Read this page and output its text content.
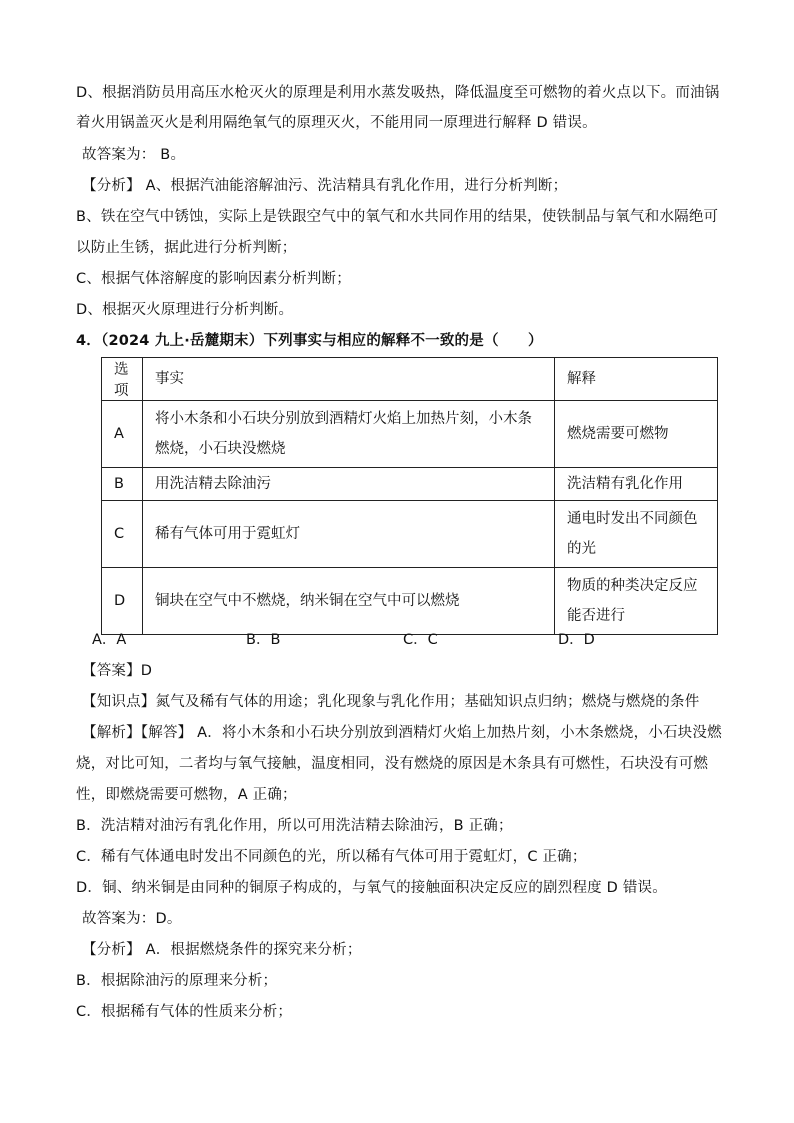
D、根据消防员用高压水枪灭火的原理是利用水蒸发吸热，降低温度至可燃物的着火点以下。而油锅
着火用锅盖灭火是利用隔绝氧气的原理灭火，不能用同一原理进行解释 D 错误。
故答案为： B。
【分析】 A、根据汽油能溶解油污、洗洁精具有乳化作用，进行分析判断；
B、铁在空气中锈蚀，实际上是铁跟空气中的氧气和水共同作用的结果，使铁制品与氧气和水隔绝可
以防止生锈，据此进行分析判断；
C、根据气体溶解度的影响因素分析判断；
D、根据灭火原理进行分析判断。
4．（2024 九上·岳麓期末）下列事实与相应的解释不一致的是（　　）
选项	事实	解释
A	将小木条和小石块分别放到酒精灯火焰上加热片刻，小木条燃烧，小石块没燃烧	燃烧需要可燃物
B	用洗洁精去除油污	洗洁精有乳化作用
C	稀有气体可用于霓虹灯	通电时发出不同颜色的光
D	铜块在空气中不燃烧，纳米铜在空气中可以燃烧	物质的种类决定反应能否进行
A．A	B．B	C．C	D．D
【答案】D
【知识点】氮气及稀有气体的用途；乳化现象与乳化作用；基础知识点归纳；燃烧与燃烧的条件
【解析】【解答】 A．将小木条和小石块分别放到酒精灯火焰上加热片刻，小木条燃烧，小石块没燃
烧，对比可知，二者均与氧气接触，温度相同，没有燃烧的原因是木条具有可燃性，石块没有可燃
性，即燃烧需要可燃物，A 正确；
B．洗洁精对油污有乳化作用，所以可用洗洁精去除油污，B 正确；
C．稀有气体通电时发出不同颜色的光，所以稀有气体可用于霓虹灯，C 正确；
D．铜、纳米铜是由同种的铜原子构成的，与氧气的接触面积决定反应的剧烈程度 D 错误。
故答案为：D。
【分析】 A．根据燃烧条件的探究来分析；
B．根据除油污的原理来分析；
C．根据稀有气体的性质来分析；
